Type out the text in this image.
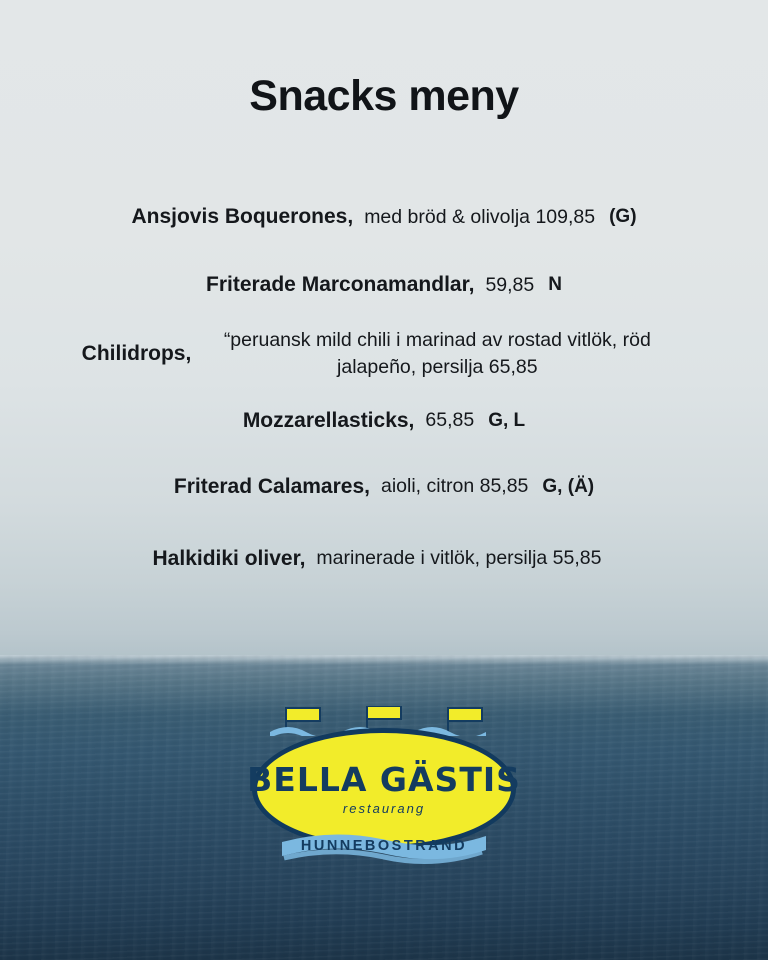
Snacks meny
Ansjovis Boquerones, med bröd & olivolja 109,85 (G)
Friterade Marconamandlar, 59,85 N
Chilidrops,
“peruansk mild chili i marinad av rostad vitlök, röd jalapeño, persilja 65,85
Mozzarellasticks, 65,85 G, L
Friterad Calamares, aioli, citron 85,85 G, (Ä)
Halkidiki oliver, marinerade i vitlök, persilja 55,85
BELLA GÄSTIS
restaurang
HUNNEBOSTRAND
